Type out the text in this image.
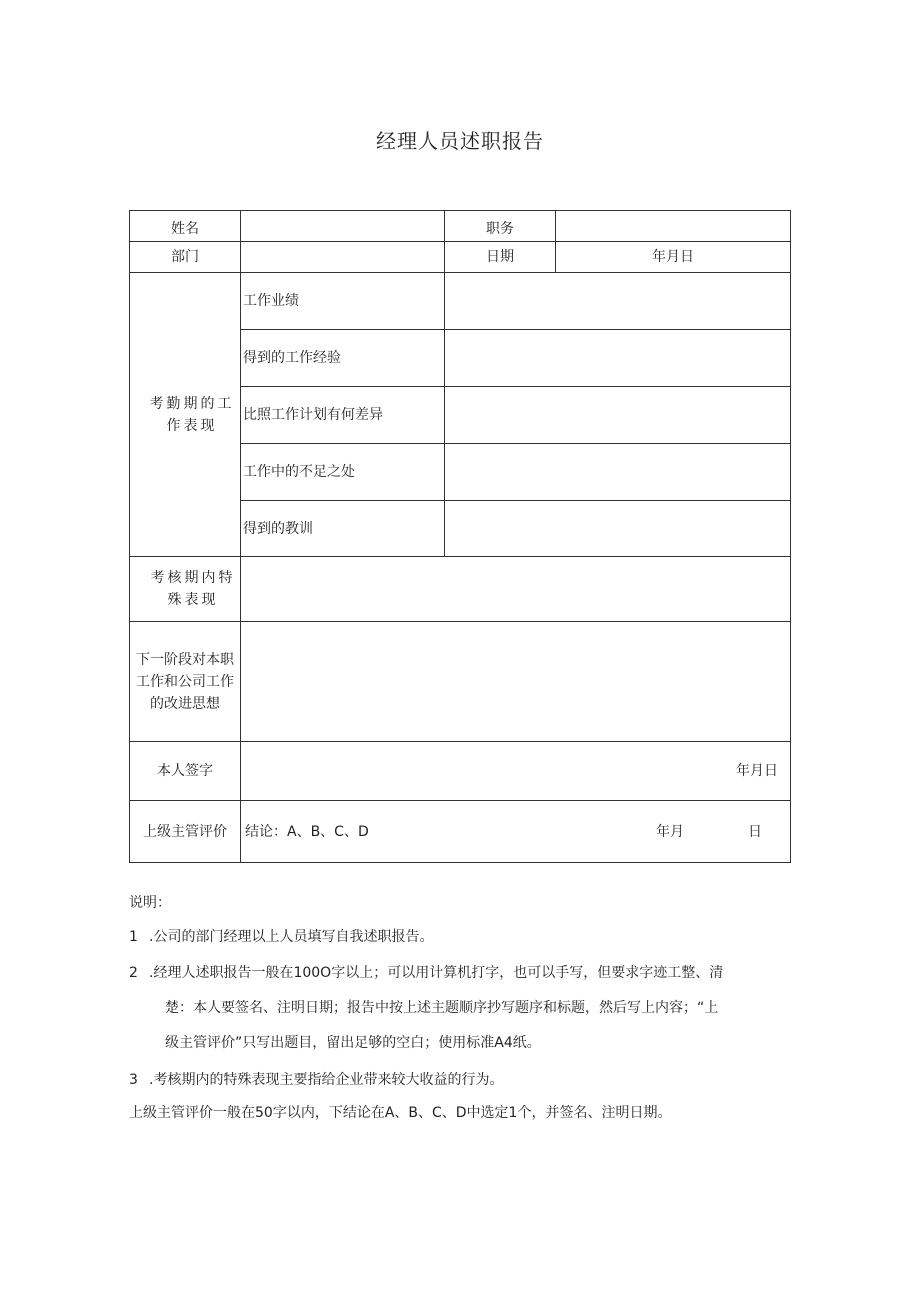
经理人员述职报告
姓名		职务	
部门		日期	年月日
考勤期的工作表现	工作业绩		
	得到的工作经验		
	比照工作计划有何差异		
	工作中的不足之处		
	得到的教训		
考核期内特殊表现			
下一阶段对本职工作和公司工作的改进思想			
本人签字	年月日		
上级主管评价	结论：A、B、C、D 年月 日		
说明：
1 .公司的部门经理以上人员填写自我述职报告。
2 .经理人述职报告一般在100O字以上；可以用计算机打字，也可以手写，但要求字迹工整、清
楚：本人要签名、注明日期；报告中按上述主题顺序抄写题序和标题，然后写上内容；“上
级主管评价”只写出题目，留出足够的空白；使用标准A4纸。
3 .考核期内的特殊表现主要指给企业带来较大收益的行为。
上级主管评价一般在50字以内，下结论在A、B、C、D中选定1个，并签名、注明日期。
